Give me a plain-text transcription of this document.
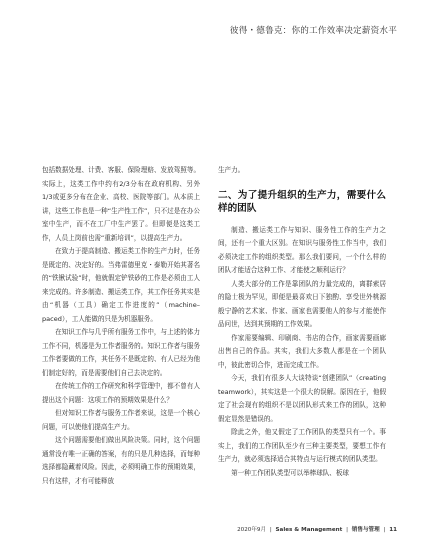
彼得・德鲁克：你的工作效率决定薪资水平

包括数据处理、计费、客服、保险理赔、发放驾照等。实际上，这类工作中约有2/3分布在政府机构、另外1/3或更多分布在企业、高校、医院等部门。从本质上讲，这些工作也是一种“生产性工作”，只不过是在办公室中生产，而不在工厂中生产罢了。但即便是这类工作，人员上岗前也需“重新培训”，以提高生产力。

在致力于提高制造、搬运类工作的生产力时，任务是既定的、决定好的。当弗雷德里克・泰勒开始其著名的“铁锹试验”时，他就假定铲铁砂的工作是必须由工人来完成的。许多制造、搬运类工作，其工作任务其实是由“机器（工具）确定工作进度的”（machine–paced），工人能做的只是为机器服务。

在知识工作与几乎所有服务工作中，与上述的体力工作不同，机器是为工作者服务的。知识工作者与服务工作者要做的工作，其任务不是既定的、有人已经为他们制定好的，而是需要他们自己去决定的。

在传统工作的工作研究和科学管理中，都不曾有人提出这个问题：这项工作的预期效果是什么？

但对知识工作者与服务工作者来说，这是一个核心问题，可以使他们提高生产力。

这个问题需要他们做出风险决策。同时，这个问题通常没有唯一正确的答案，有的只是几种选择，而每种选择都隐藏着风险。因此，必须明确工作的预期效果，只有这样，才有可能释放

生产力。

二、为了提升组织的生产力，需要什么样的团队

制造、搬运类工作与知识、服务性工作的生产力之间，还有一个重大区别。在知识与服务性工作当中，我们必须决定工作的组织类型。那么我们要问，一个什么样的团队才能适合这种工作、才能使之顺利运行？

人类大部分的工作是靠团队的力量完成的，离群索居的隐士极为罕见，即便是最喜欢日下独酌、享受世外桃源般宁静的艺术家、作家、画家也需要他人的参与才能使作品问世，达到其预期的工作效果。

作家需要编辑、印刷商、书店的合作，画家需要画廊出售自己的作品。其实，我们大多数人都是在一个团队中，彼此密切合作，进而完成工作。

今天，我们有很多人大谈特谈“创建团队”（creating teamwork），其实这是一个很大的误解。原因在于，他假定了社会现有的组织不是以团队形式来工作的团队，这种假定显然是错误的。

除此之外，他又假定了工作团队的类型只有一个。事实上，我们的工作团队至少有三种主要类型，要想工作有生产力，就必须选择适合其特点与运行模式的团队类型。

第一种工作团队类型可以举棒球队、板球

2020年9月 | Sales & Management | 销售与管理 | 11
